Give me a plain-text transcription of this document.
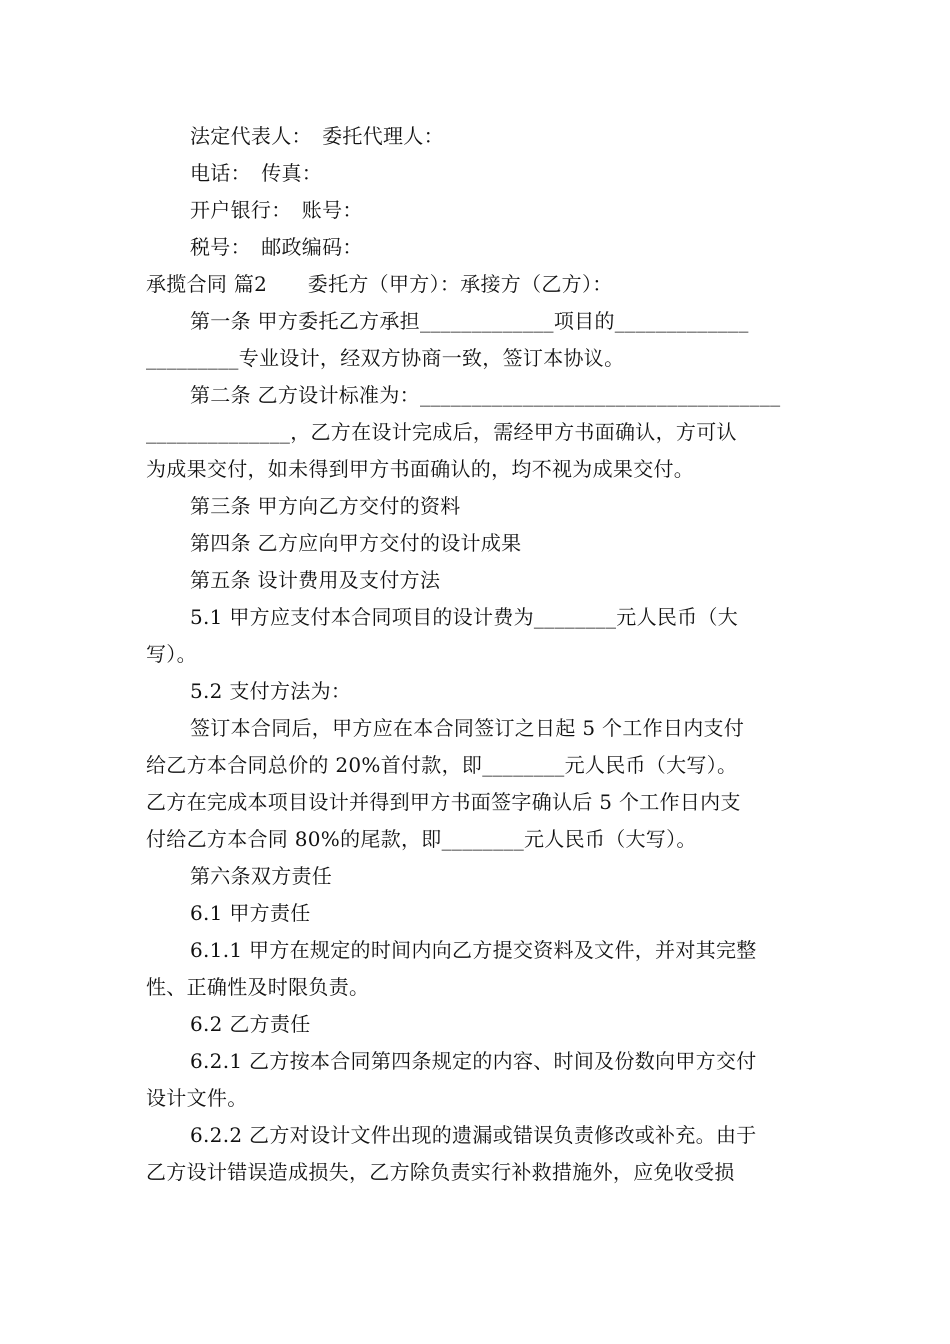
法定代表人：　委托代理人：
电话：　传真：
开户银行：　账号：
税号：　邮政编码：
承揽合同 篇2　　委托方（甲方）：承接方（乙方）：
第一条 甲方委托乙方承担_____________项目的_____________
_________专业设计，经双方协商一致，签订本协议。
第二条 乙方设计标准为：___________________________________
______________，乙方在设计完成后，需经甲方书面确认，方可认
为成果交付，如未得到甲方书面确认的，均不视为成果交付。
第三条 甲方向乙方交付的资料
第四条 乙方应向甲方交付的设计成果
第五条 设计费用及支付方法
5.1 甲方应支付本合同项目的设计费为________元人民币（大
写）。
5.2 支付方法为：
签订本合同后，甲方应在本合同签订之日起 5 个工作日内支付
给乙方本合同总价的 20%首付款，即________元人民币（大写）。
乙方在完成本项目设计并得到甲方书面签字确认后 5 个工作日内支
付给乙方本合同 80%的尾款，即________元人民币（大写）。
第六条双方责任
6.1 甲方责任
6.1.1 甲方在规定的时间内向乙方提交资料及文件，并对其完整
性、正确性及时限负责。
6.2 乙方责任
6.2.1 乙方按本合同第四条规定的内容、时间及份数向甲方交付
设计文件。
6.2.2 乙方对设计文件出现的遗漏或错误负责修改或补充。由于
乙方设计错误造成损失，乙方除负责实行补救措施外，应免收受损
